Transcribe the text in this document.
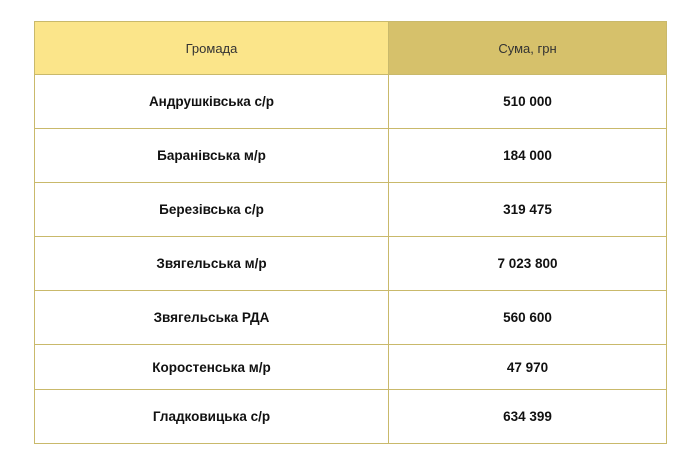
Громада	Сума, грн
Андрушківська с/р	510 000
Баранівська м/р	184 000
Березівська с/р	319 475
Звягельська м/р	7 023 800
Звягельська РДА	560 600
Коростенська м/р	47 970
Гладковицька с/р	634 399
